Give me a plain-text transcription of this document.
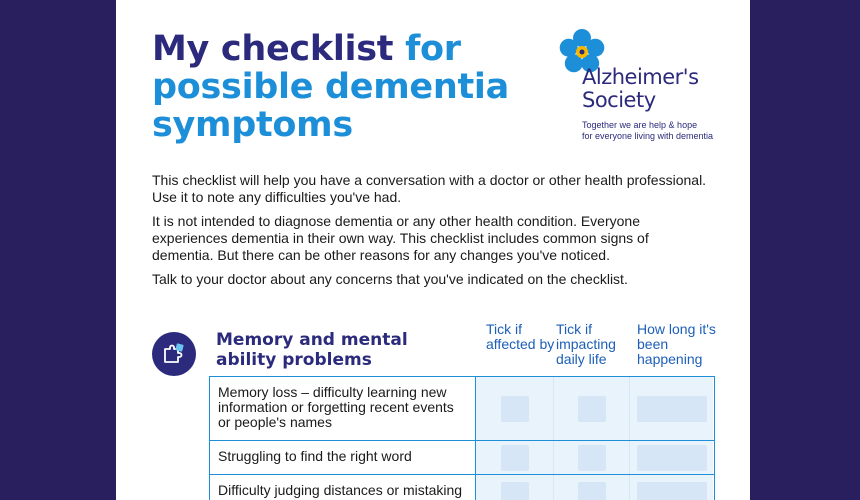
My checklist for possible dementia symptoms
Alzheimer's
Society
Together we are help & hope
for everyone living with dementia

This checklist will help you have a conversation with a doctor or other health professional. Use it to note any difficulties you've had.

It is not intended to diagnose dementia or any other health condition. Everyone experiences dementia in their own way. This checklist includes common signs of dementia. But there can be other reasons for any changes you've noticed.

Talk to your doctor about any concerns that you've indicated on the checklist.

Memory and mental ability problems
Tick if affected by
Tick if impacting daily life
How long it's been happening
Memory loss – difficulty learning new information or forgetting recent events or people's names
Struggling to find the right word
Difficulty judging distances or mistaking
